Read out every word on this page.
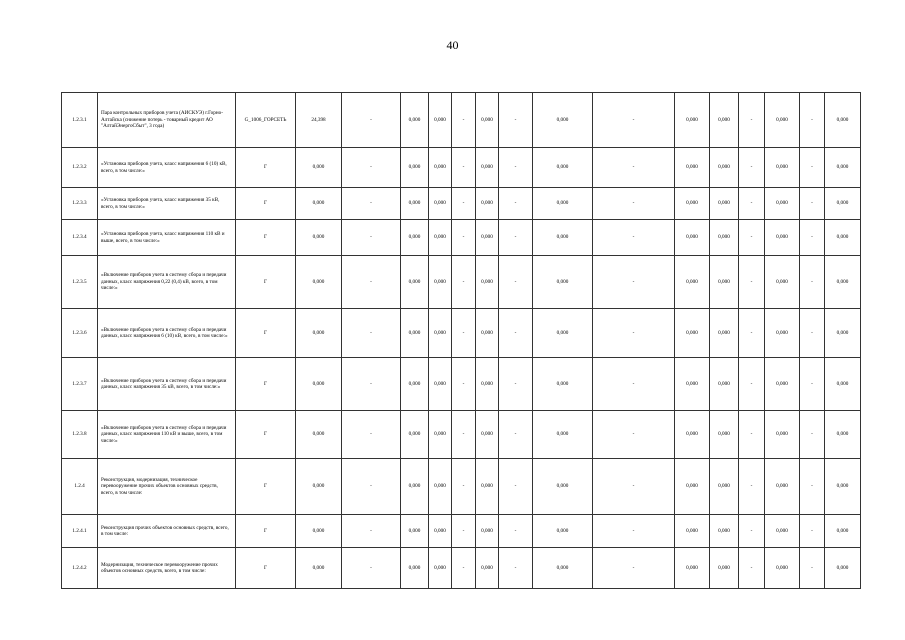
40
1.2.3.1	Пара контрольных приборов учета (АИСКУЭ) г.Горно-Алтайска (снижение потерь - товарный кредит АО "АлтайЭнергоСбыт", 3 года)	G_1006_ГОРСЕТЬ	24,398	-	0,000	0,000	-	0,000	-	0,000	-	0,000	0,000	-	0,000	-	0,000
1.2.3.2	«Установка приборов учета, класс напряжения 6 (10) кВ, всего, в том числе:»	Г	0,000	-	0,000	0,000	-	0,000	-	0,000	-	0,000	0,000	-	0,000	-	0,000
1.2.3.3	«Установка приборов учета, класс напряжения 35 кВ, всего, в том числе:»	Г	0,000	-	0,000	0,000	-	0,000	-	0,000	-	0,000	0,000	-	0,000	-	0,000
1.2.3.4	«Установка приборов учета, класс напряжения 110 кВ и выше, всего, в том числе:»	Г	0,000	-	0,000	0,000	-	0,000	-	0,000	-	0,000	0,000	-	0,000	-	0,000
1.2.3.5	«Включение приборов учета в систему сбора и передачи данных, класс напряжения 0,22 (0,4) кВ, всего, в том числе:»	Г	0,000	-	0,000	0,000	-	0,000	-	0,000	-	0,000	0,000	-	0,000	-	0,000
1.2.3.6	«Включение приборов учета в систему сбора и передачи данных, класс напряжения 6 (10) кВ, всего, в том числе:»	Г	0,000	-	0,000	0,000	-	0,000	-	0,000	-	0,000	0,000	-	0,000	-	0,000
1.2.3.7	«Включение приборов учета в систему сбора и передачи данных, класс напряжения 35 кВ, всего, в том числе:»	Г	0,000	-	0,000	0,000	-	0,000	-	0,000	-	0,000	0,000	-	0,000	-	0,000
1.2.3.8	«Включение приборов учета в систему сбора и передачи данных, класс напряжения 110 кВ и выше, всего, в том числе:»	Г	0,000	-	0,000	0,000	-	0,000	-	0,000	-	0,000	0,000	-	0,000	-	0,000
1.2.4	Реконструкция, модернизация, техническое перевооружение прочих объектов основных средств, всего, в том числе:	Г	0,000	-	0,000	0,000	-	0,000	-	0,000	-	0,000	0,000	-	0,000	-	0,000
1.2.4.1	Реконструкция прочих объектов основных средств, всего, в том числе:	Г	0,000	-	0,000	0,000	-	0,000	-	0,000	-	0,000	0,000	-	0,000	-	0,000
1.2.4.2	Модернизация, техническое перевооружение прочих объектов основных средств, всего, в том числе:	Г	0,000	-	0,000	0,000	-	0,000	-	0,000	-	0,000	0,000	-	0,000	-	0,000
